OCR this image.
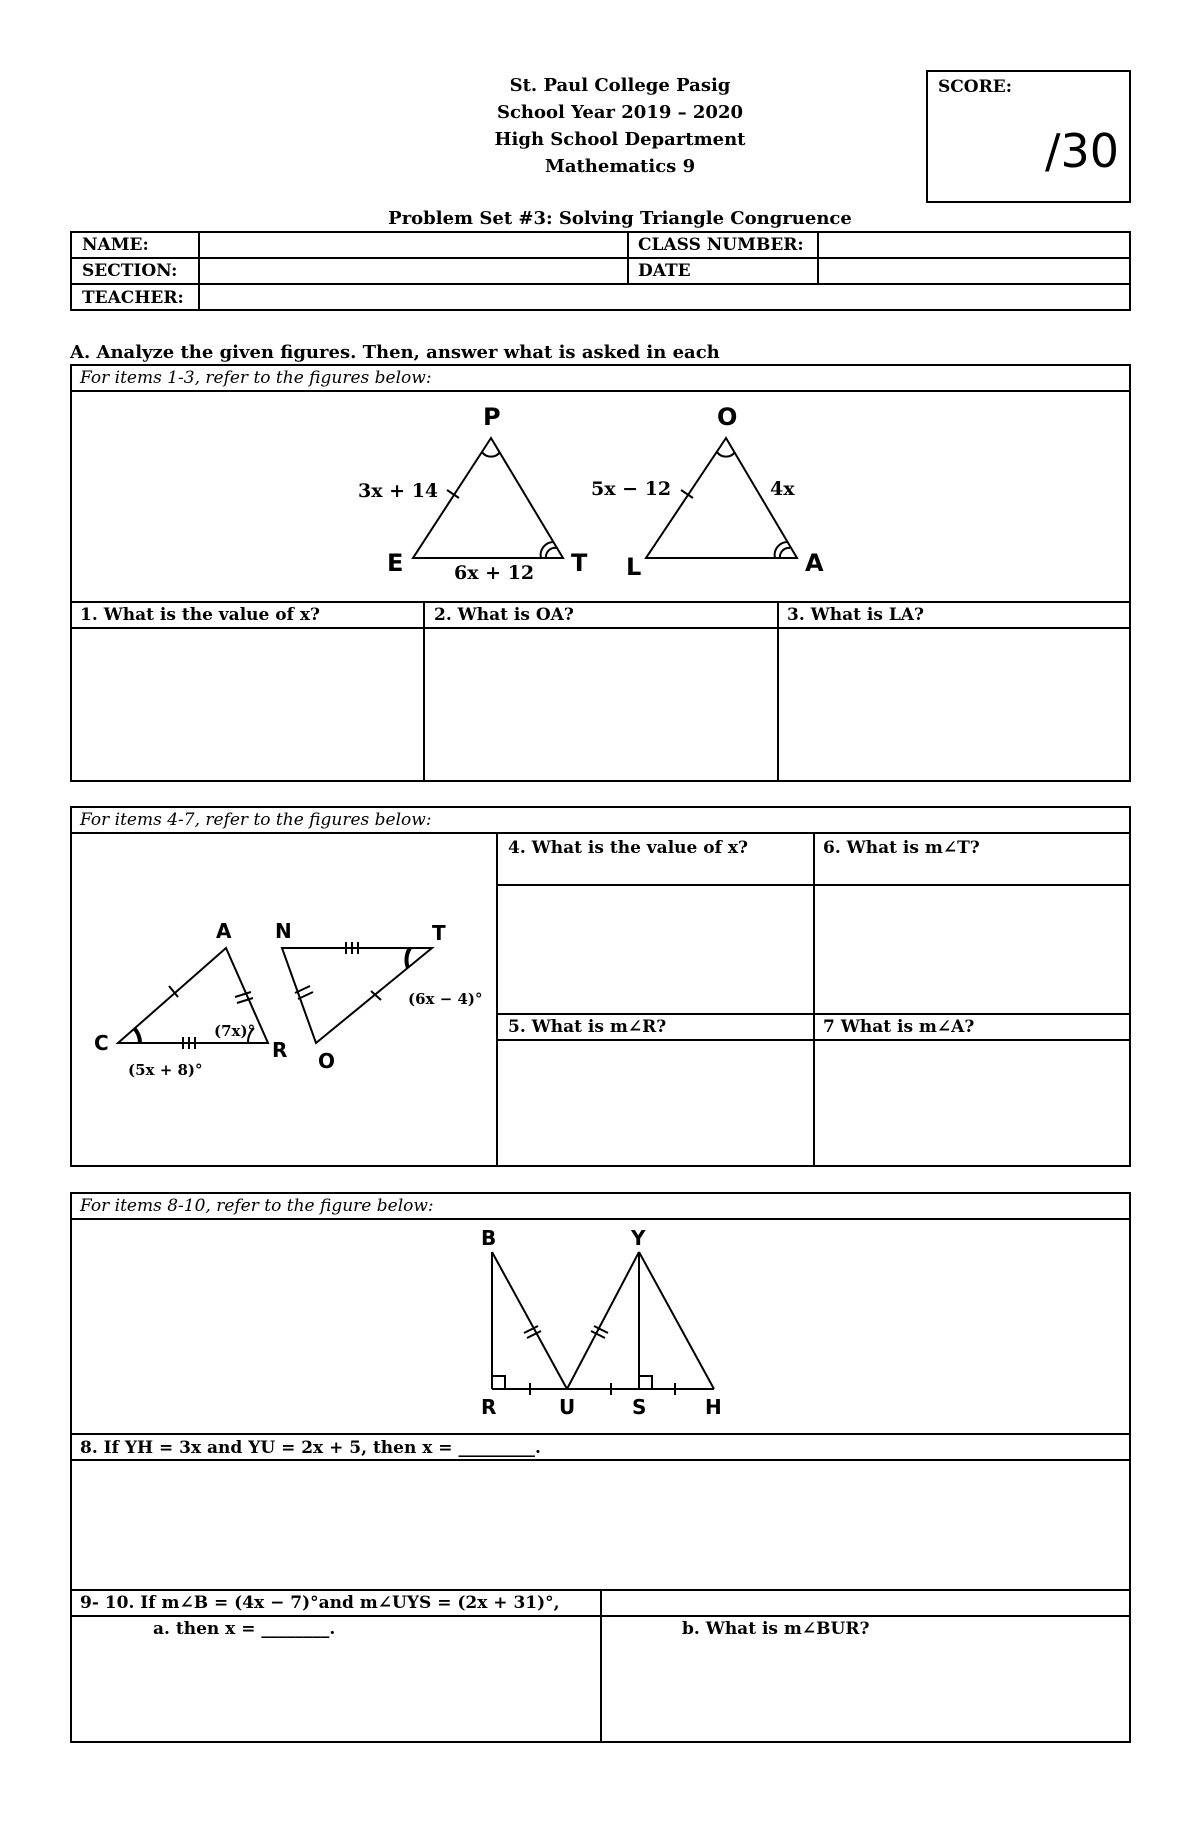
St. Paul College Pasig
School Year 2019 – 2020
High School Department
Mathematics 9
Problem Set #3: Solving Triangle Congruence
SCORE:
/30
NAME:	CLASS NUMBER:
SECTION:	DATE
TEACHER:
A. Analyze the given figures. Then, answer what is asked in each
For items 1-3, refer to the figures below:
P
E	T
3x + 14
6x + 12
O
L	A
5x − 12	4x
A
C	R
(5x + 8)°
(7x)°
N	T
O
(6x − 4)°
B	Y
R	U	S	H
1. What is the value of x?	2. What is OA?	3. What is LA?
For items 4-7, refer to the figures below:
4. What is the value of x?	6. What is m∠T?
5. What is m∠R?	7 What is m∠A?
For items 8-10, refer to the figure below:
8. If YH = 3x and YU = 2x + 5, then x = _________.
9- 10. If m∠B = (4x − 7)°and m∠UYS = (2x + 31)°,
a. then x = ________.	b. What is m∠BUR?
